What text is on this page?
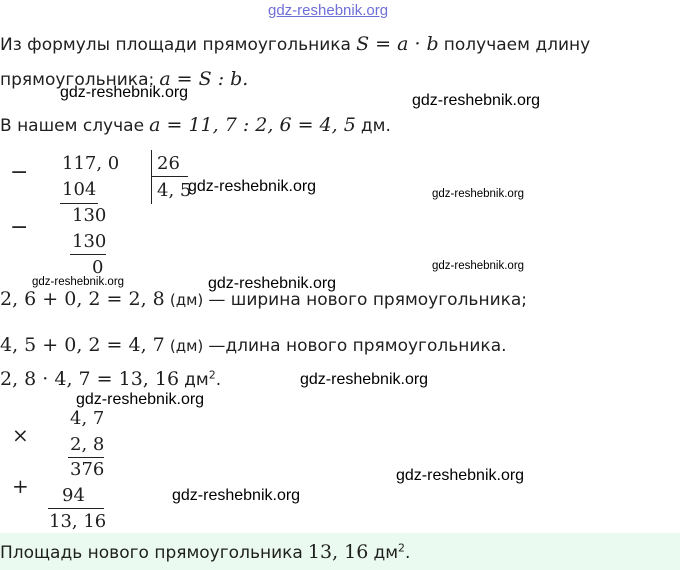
gdz-reshebnik.org
Из формулы площади прямоугольника S = a · b получаем длину
прямоугольника: a = S : b.
gdz-reshebnik.org	gdz-reshebnik.org
В нашем случае a = 11, 7 : 2, 6 = 4, 5 дм.
− 117, 0
104
26
4, 5
− 130
130
0
gdz-reshebnik.org	gdz-reshebnik.org
gdz-reshebnik.org
gdz-reshebnik.org	gdz-reshebnik.org
2, 6 + 0, 2 = 2, 8 (дм) — ширина нового прямоугольника;
4, 5 + 0, 2 = 4, 7 (дм) —длина нового прямоугольника.
2, 8 · 4, 7 = 13, 16 $дм^2$.	gdz-reshebnik.org
gdz-reshebnik.org
4, 7
× 2, 8
376
+ 94
13, 16
gdz-reshebnik.org
gdz-reshebnik.org
Площадь нового прямоугольника 13, 16 $дм^2$.
